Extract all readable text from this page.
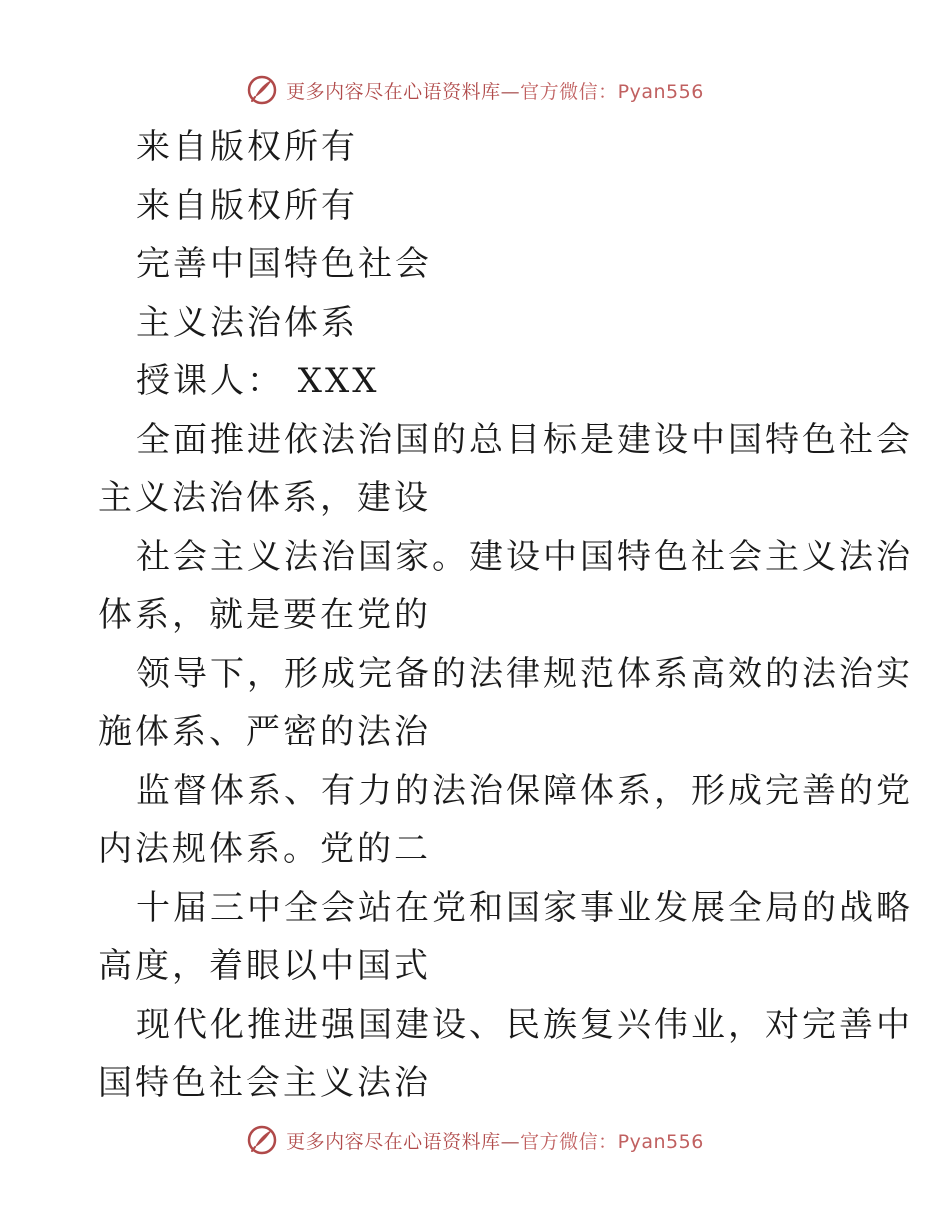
更多内容尽在心语资料库—官方微信：Pyan556
来自版权所有
来自版权所有
完善中国特色社会
主义法治体系
授课人： XXX
全面推进依法治国的总目标是建设中国特色社会
主义法治体系，建设
社会主义法治国家。建设中国特色社会主义法治
体系，就是要在党的
领导下，形成完备的法律规范体系高效的法治实
施体系、严密的法治
监督体系、有力的法治保障体系，形成完善的党
内法规体系。党的二
十届三中全会站在党和国家事业发展全局的战略
高度，着眼以中国式
现代化推进强国建设、民族复兴伟业，对完善中
国特色社会主义法治
更多内容尽在心语资料库—官方微信：Pyan556
